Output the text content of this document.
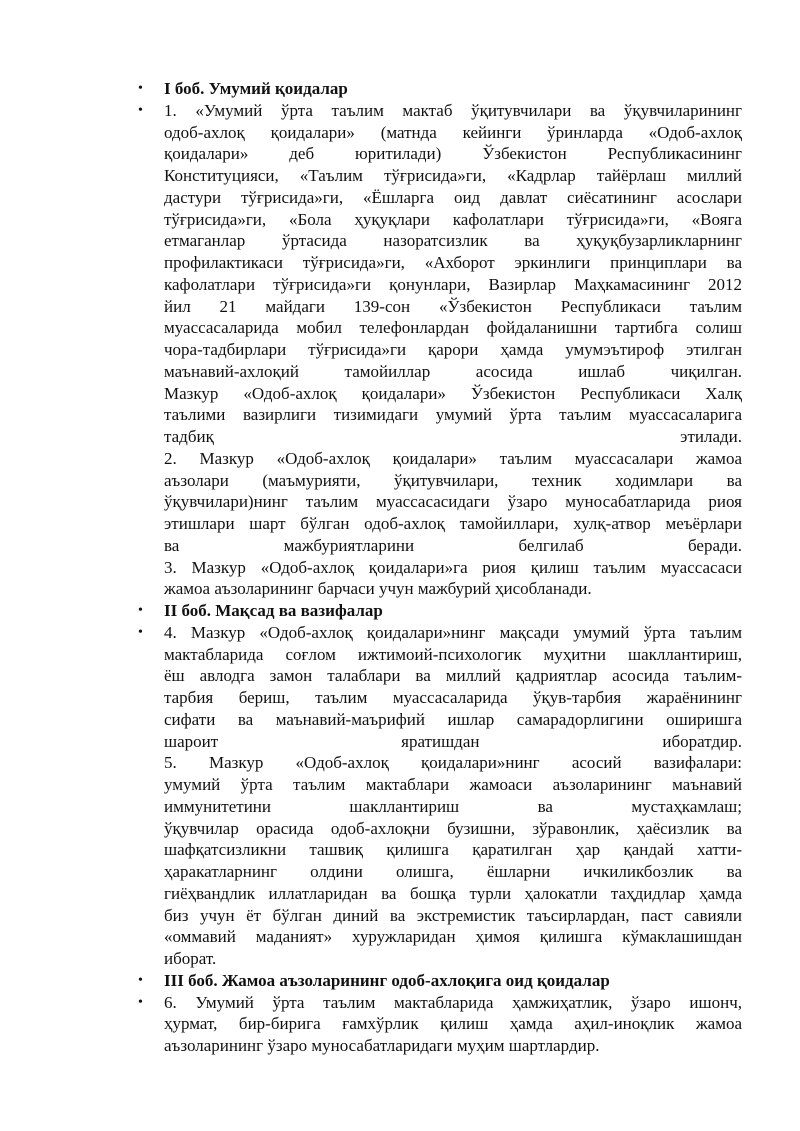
•	I боб. Умумий қоидалар
•	1. «Умумий ўрта таълим мактаб ўқитувчилари ва ўқувчиларининг
одоб-ахлоқ қоидалари» (матнда кейинги ўринларда «Одоб-ахлоқ
қоидалари» деб юритилади) Ўзбекистон Республикасининг
Конституцияси, «Таълим тўғрисида»ги, «Кадрлар тайёрлаш миллий
дастури тўғрисида»ги, «Ёшларга оид давлат сиёсатининг асослари
тўғрисида»ги, «Бола ҳуқуқлари кафолатлари тўғрисида»ги, «Вояга
етмаганлар ўртасида назоратсизлик ва ҳуқуқбузарликларнинг
профилактикаси тўғрисида»ги, «Ахборот эркинлиги принциплари ва
кафолатлари тўғрисида»ги қонунлари, Вазирлар Маҳкамасининг 2012
йил 21 майдаги 139-сон «Ўзбекистон Республикаси таълим
муассасаларида мобил телефонлардан фойдаланишни тартибга солиш
чора-тадбирлари тўғрисида»ги қарори ҳамда умумэътироф этилган
маънавий-ахлоқий тамойиллар асосида ишлаб чиқилган.
Мазкур «Одоб-ахлоқ қоидалари» Ўзбекистон Республикаси Халқ
таълими вазирлиги тизимидаги умумий ўрта таълим муассасаларига
тадбиқ этилади.
2. Мазкур «Одоб-ахлоқ қоидалари» таълим муассасалари жамоа
аъзолари (маъмурияти, ўқитувчилари, техник ходимлари ва
ўқувчилари)нинг таълим муассасасидаги ўзаро муносабатларида риоя
этишлари шарт бўлган одоб-ахлоқ тамойиллари, хулқ-атвор меъёрлари
ва мажбуриятларини белгилаб беради.
3. Мазкур «Одоб-ахлоқ қоидалари»га риоя қилиш таълим муассасаси
жамоа аъзоларининг барчаси учун мажбурий ҳисобланади.
•	II боб. Мақсад ва вазифалар
•	4. Мазкур «Одоб-ахлоқ қоидалари»нинг мақсади умумий ўрта таълим
мактабларида соғлом ижтимоий-психологик муҳитни шакллантириш,
ёш авлодга замон талаблари ва миллий қадриятлар асосида таълим-
тарбия бериш, таълим муассасаларида ўқув-тарбия жараёнининг
сифати ва маънавий-маърифий ишлар самарадорлигини оширишга
шароит яратишдан иборатдир.
5. Мазкур «Одоб-ахлоқ қоидалари»нинг асосий вазифалари:
умумий ўрта таълим мактаблари жамоаси аъзоларининг маънавий
иммунитетини шакллантириш ва мустаҳкамлаш;
ўқувчилар орасида одоб-ахлоқни бузишни, зўравонлик, ҳаёсизлик ва
шафқатсизликни ташвиқ қилишга қаратилган ҳар қандай хатти-
ҳаракатларнинг олдини олишга, ёшларни ичкиликбозлик ва
гиёҳвандлик иллатларидан ва бошқа турли ҳалокатли таҳдидлар ҳамда
биз учун ёт бўлган диний ва экстремистик таъсирлардан, паст савияли
«оммавий маданият» хуружларидан ҳимоя қилишга кўмаклашишдан
иборат.
•	III боб. Жамоа аъзоларининг одоб-ахлоқига оид қоидалар
•	6. Умумий ўрта таълим мактабларида ҳамжиҳатлик, ўзаро ишонч,
ҳурмат, бир-бирига ғамхўрлик қилиш ҳамда аҳил-иноқлик жамоа
аъзоларининг ўзаро муносабатларидаги муҳим шартлардир.
